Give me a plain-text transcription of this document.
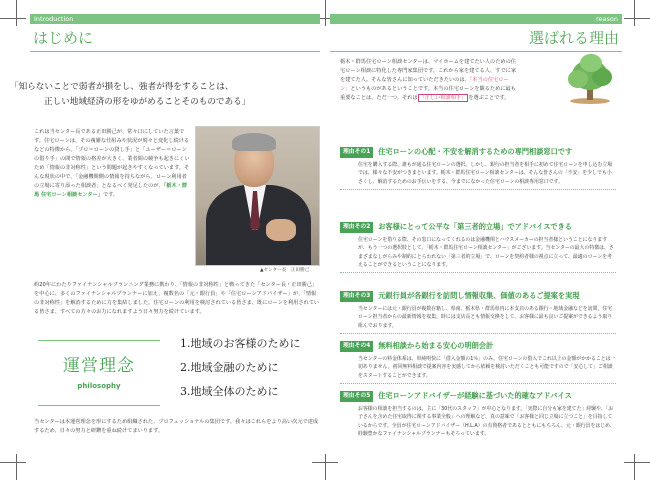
Introduction
はじめに
「知らないことで弱者が損をし、強者が得をすることは、
正しい地域経済の形をゆがめることそのものである」
これは当センター長である正田勝己が、常々口にしていた言葉です。住宅ローンは、その複雑な仕組みや状況が刻々と変化し続けるなどの特徴から、「プロ＝ローンの貸し手」と「ユーザー＝ローンの借り手」の間で情報の格差が大きく、業者間の競争も起きにくいため「情報の非対称性」という問題が起きやすくなっています。そんな現状の中で、「金融機関側の情報を持ちながら、ローン利用者の立場に寄り添った相談者」となるべく発足したのが、「栃木・群馬 住宅ローン相談センター」です。
▲センター長　正田勝己
約20年にわたりファイナンシャルプランニング業務に携わり、「情報の非対称性」と戦ってきた「センター長・正田勝己」を中心に、多くのファイナンシャルプランナーに加え、複数名の「元・銀行員」や「住宅ローンアドバイザー」が、「情報の非対称性」を解消するために力を集結しました。住宅ローンの利用を検討されている皆さま、既にローンを利用されている皆さま、すべての方々のお力になれますよう日々努力を続けています。
運営理念
philosophy
1.地域のお客様のために
2.地域金融のために
3.地域全体のために
当センターは本運営理念を形にするため組織された、プロフェッショナルの集団です。我々はこれらをより高い次元で達成するため、日々の努力と研鑽を重ね続けてまいります。
reason
選ばれる理由
栃木・群馬住宅ローン相談センターは、マイホームを建てたい人のための住宅ローン相談に特化した専門家集団です。これから家を建てる人、すでに家を建てた人。そんな皆さんに知っていただきたいのは、「本当の住宅ローン」というものがあるということです。本当の住宅ローンを観るために最も重要なことは、ただ一つ。それは 「正しい相談相手」 を選ぶことです。
理由その1	住宅ローンの心配・不安を解消するための専門相談窓口です
住宅を購入する際、誰もが通る住宅ローンの選択。しかし、銀行の担当者を相手に初めて住宅ローンを申し込む立場では、様々な不安がつきまといます。栃木・群馬住宅ローン相談センターは、そんな皆さんの「不安」を少しでも小さくし、解消するためのお手伝いをする、今までになかった住宅ローンの相談専用窓口です。
理由その2	お客様にとって公平な「第三者的立場」でアドバイスできる
住宅ローンを借りる際、その窓口になってくれるのは金融機関とハウスメーカーの担当者様ということになりますが、もう一つの選択肢として、「栃木・群馬住宅ローン相談センター」がございます。当センターの最大の特徴は、さまざまなしがらみや制約にとらわれない「第三者的立場」で、ローンを契約者様の視点に立って、最適のローンを考えることができるということになります。
理由その3	元銀行員が各銀行を訪問し情報収集、価値のあるご提案を実現
当センターには元・銀行員が複数在籍し、県南、栃木県・群馬県内に本支店のある銀行・地域金融などを訪問。住宅ローン担当者からの最新情報を収集。時には支店長とも情報交換をして、お客様に最も良いご提案ができるよう取り組んでおります。
理由その4	無料相談から始まる安心の明朗会計
当センターの料金体系は、単純明快に「借入金額の1％」のみ。住宅ローンの借入でこれ以上の金額がかかることは一切ありません。初回無料相談で提案内容を実感してから依頼を検討いただくことも可能ですので「安心して」ご相談をスタートすることができます。
理由その5	住宅ローンアドバイザーが経験に基づいた的確なアドバイス
お客様の相談を担当するのは、主に「30代のスタッフ」が中心となります。「実際に自分も家を建てた」経験や、「お子さんを含めた住宅取得に関する事業全般」への理解など、真の意味で「お客様と同じ立場に立つこと」を目指しているからです。全員が住宅ローンアドバイザー（H.L.A）の有資格者であるとともにもちろん、元・銀行員をはじめ、経験豊かなファイナンシャルプランナーもそろっています。
